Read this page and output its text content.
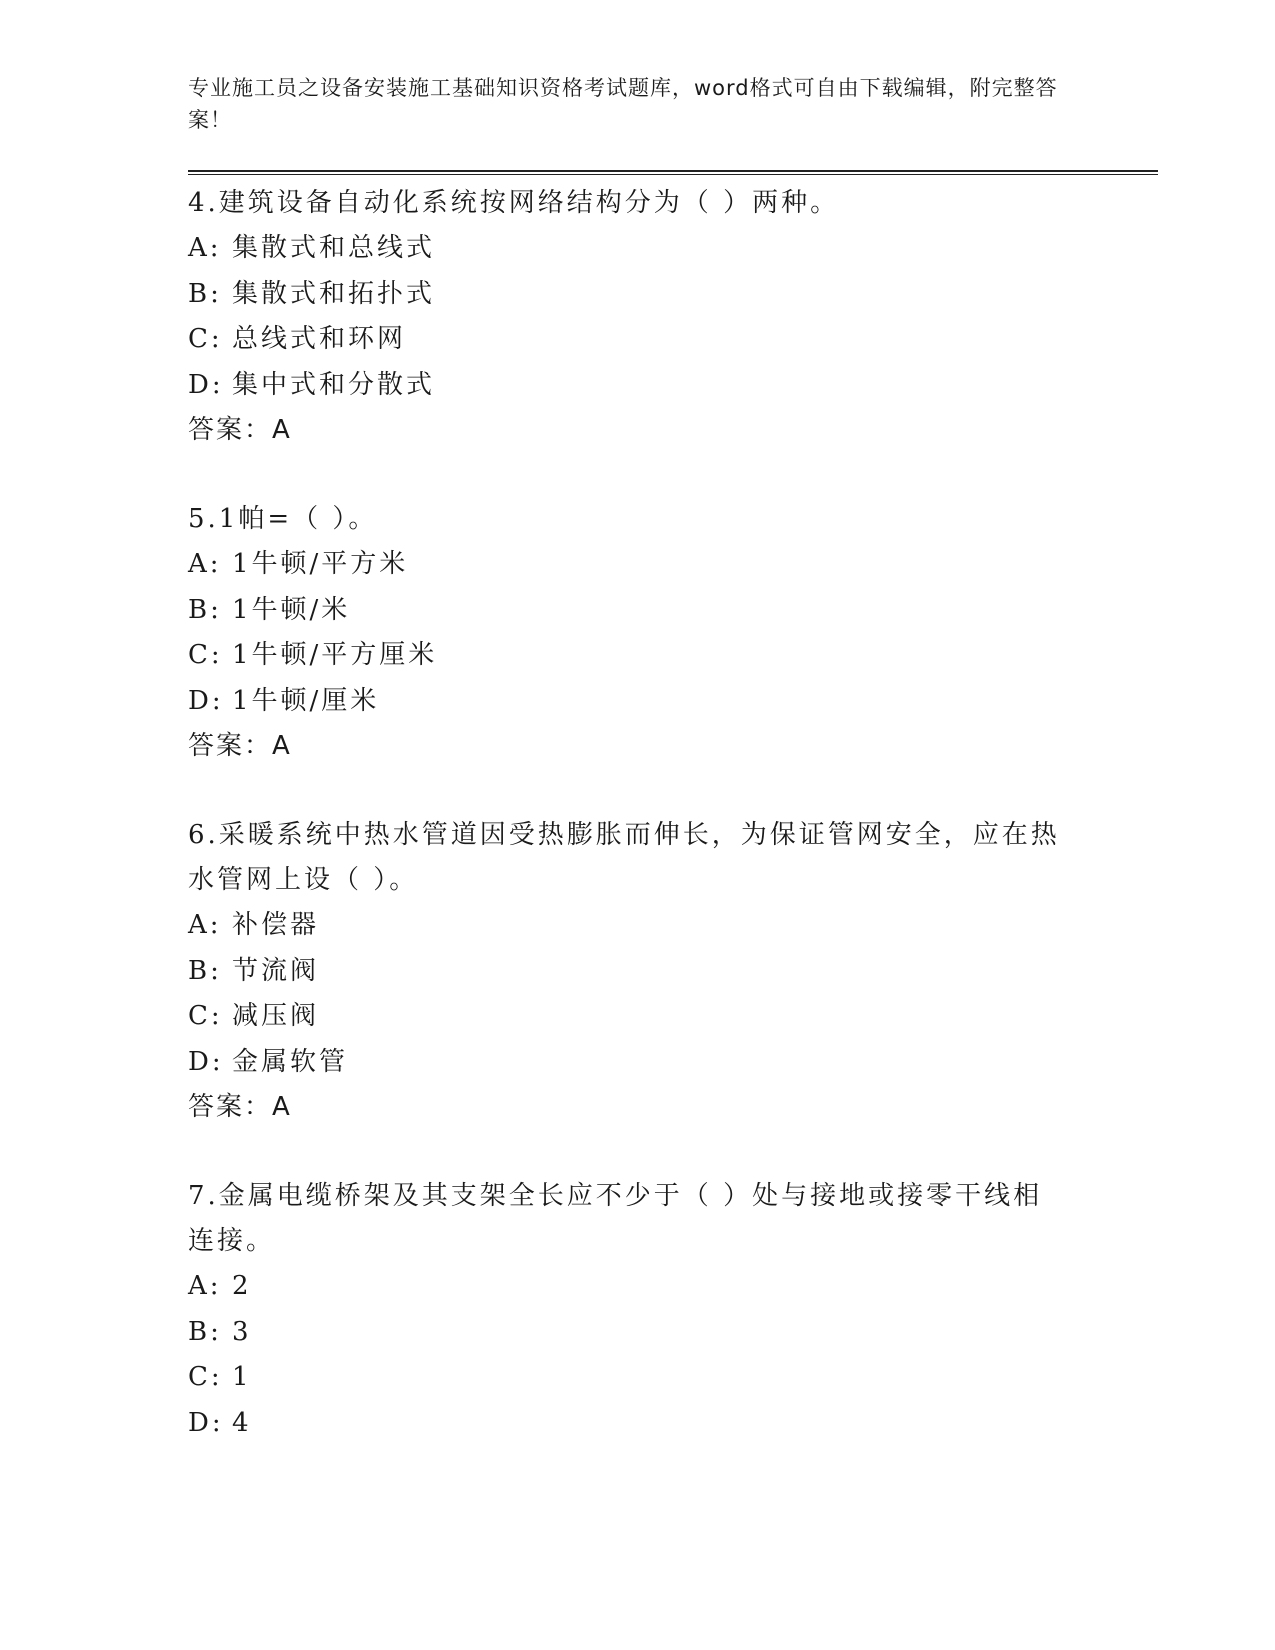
专业施工员之设备安装施工基础知识资格考试题库，word格式可自由下载编辑，附完整答案！

4.建筑设备自动化系统按网络结构分为（ ）两种。

A: 集散式和总线式
B: 集散式和拓扑式
C: 总线式和环网
D: 集中式和分散式
答案：A

5.1帕=（ ）。

A: 1牛顿/平方米
B: 1牛顿/米
C: 1牛顿/平方厘米
D: 1牛顿/厘米
答案：A

6.采暖系统中热水管道因受热膨胀而伸长，为保证管网安全，应在热水管网上设（ ）。

A: 补偿器
B: 节流阀
C: 减压阀
D: 金属软管
答案：A

7.金属电缆桥架及其支架全长应不少于（ ）处与接地或接零干线相连接。

A: 2
B: 3
C: 1
D: 4
